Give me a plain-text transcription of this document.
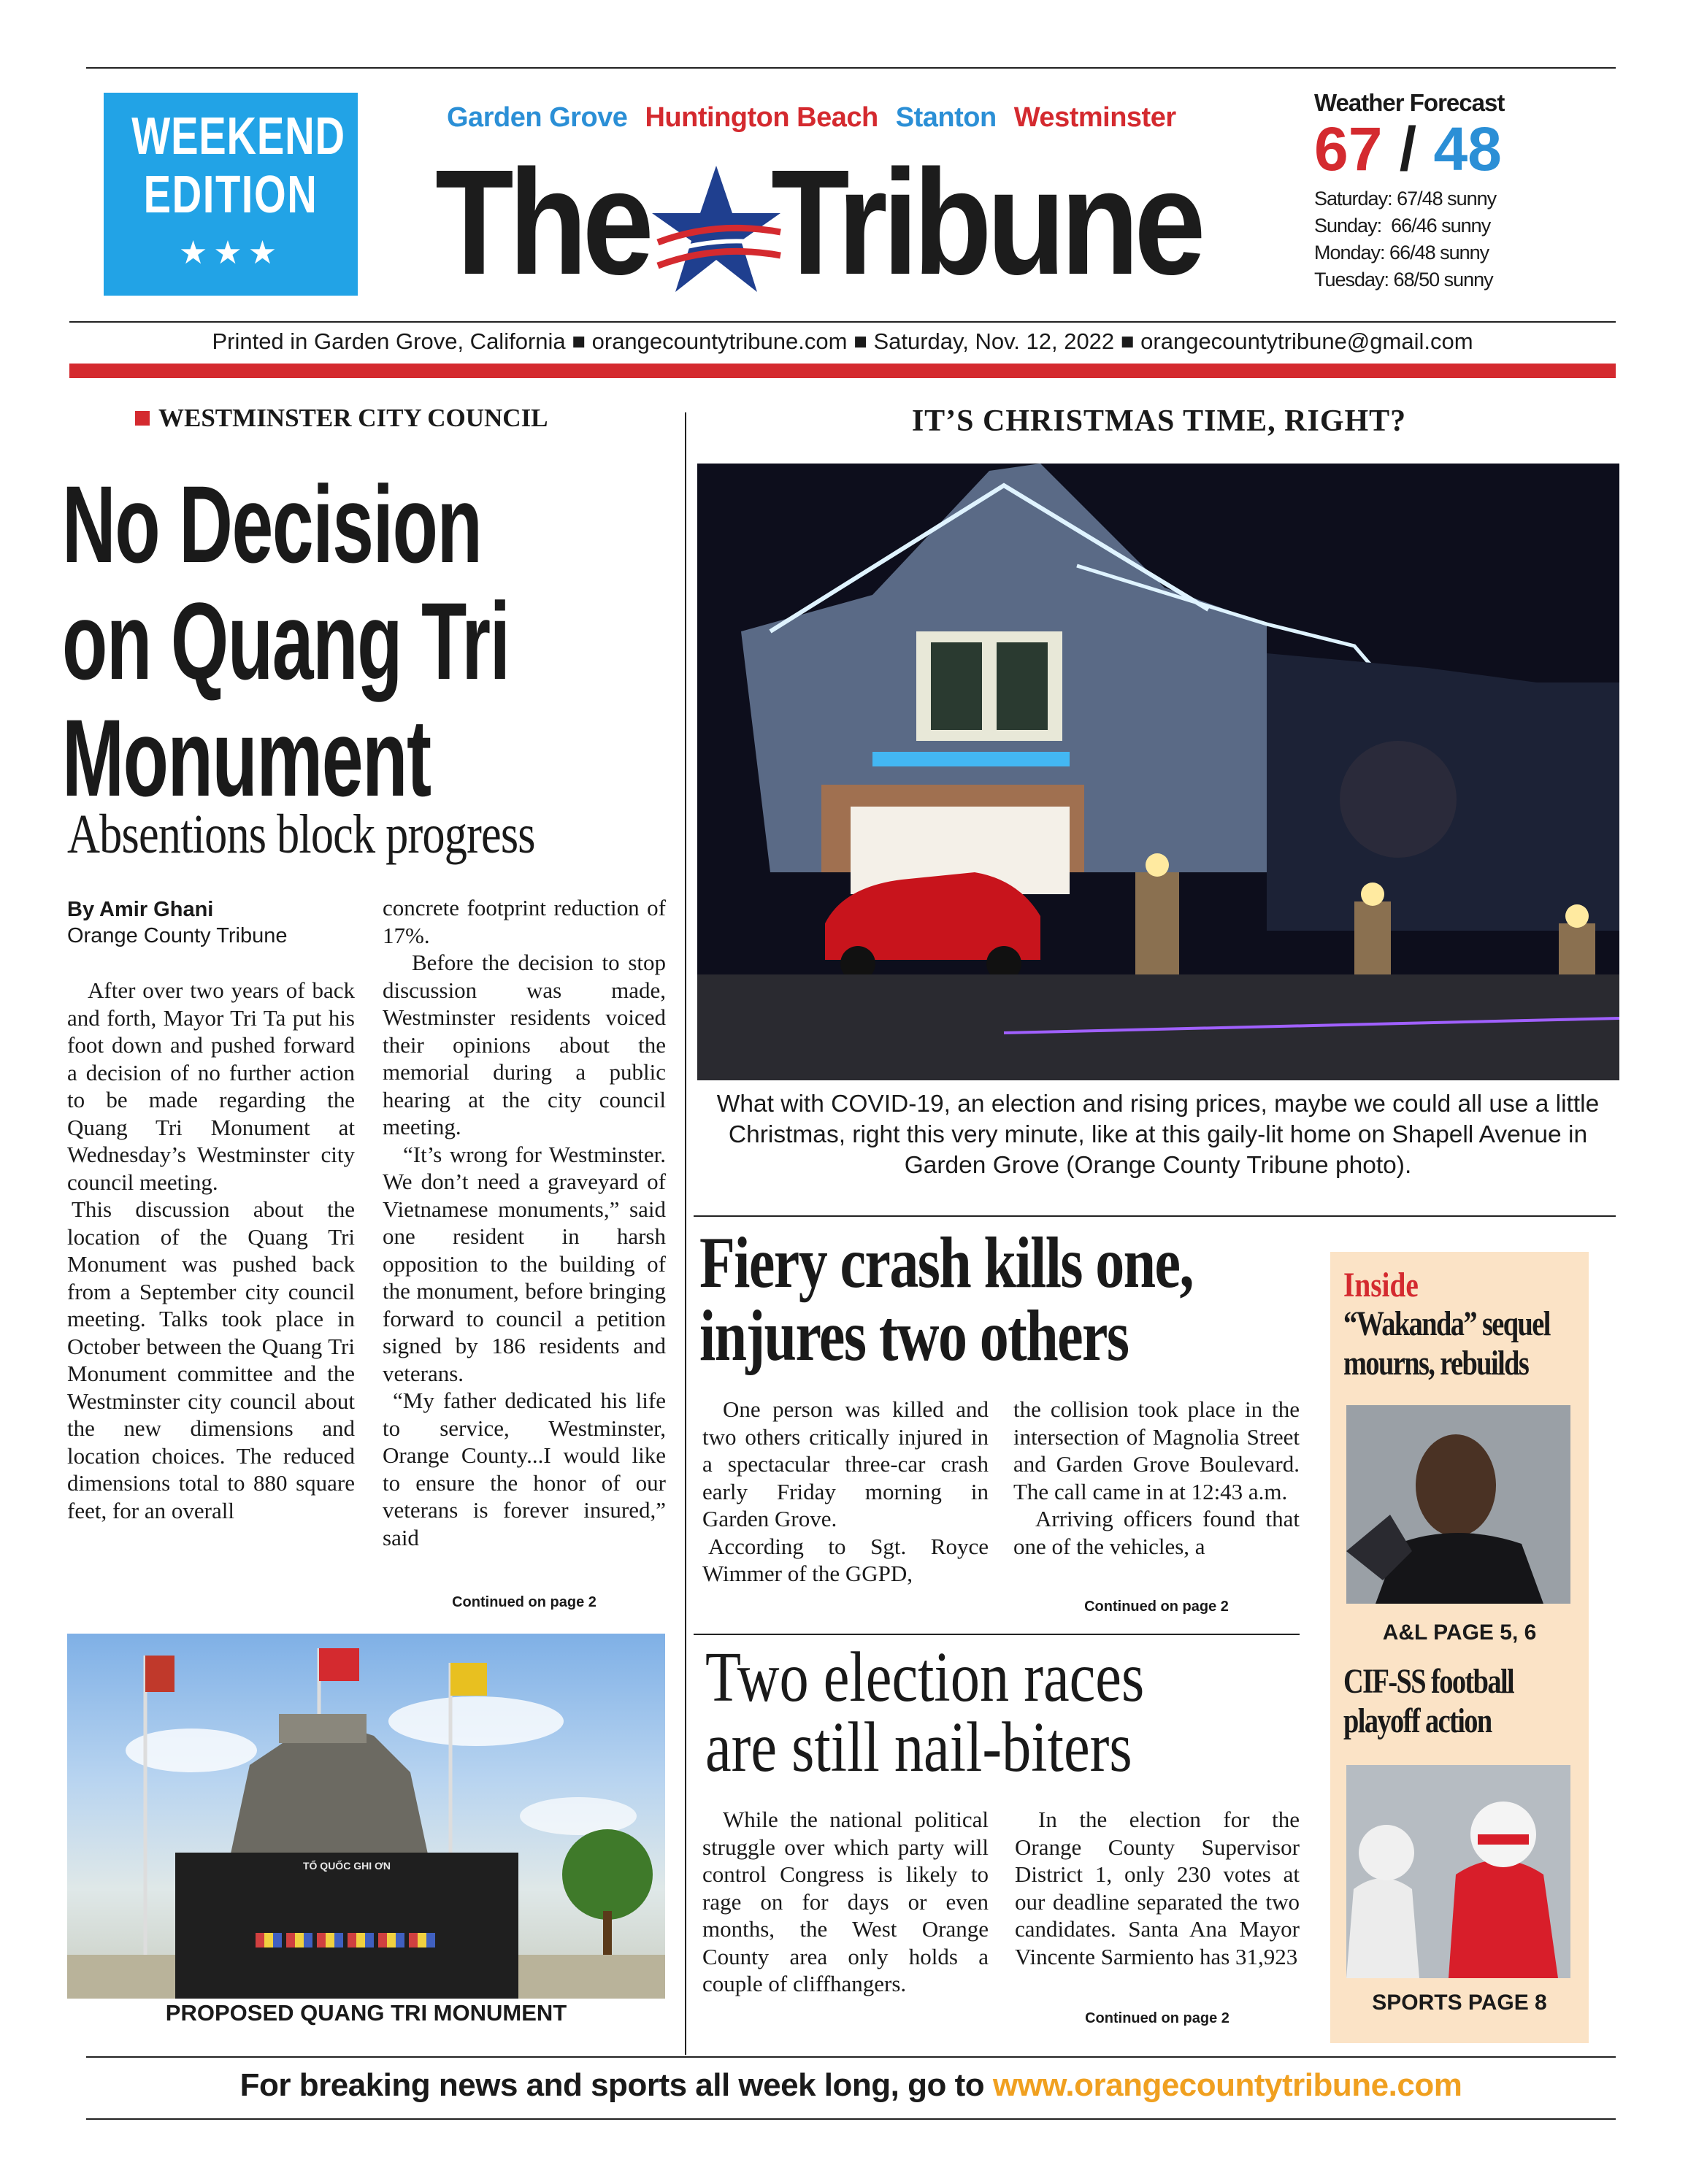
WEEKEND
EDITION
★★★
Garden Grove Huntington Beach Stanton Westminster
The Tribune
Weather Forecast
67 / 48
Saturday: 67/48 sunny
Sunday:  66/46 sunny
Monday: 66/48 sunny
Tuesday: 68/50 sunny
Printed in Garden Grove, California ■ orangecountytribune.com ■ Saturday, Nov. 12, 2022 ■ orangecountytribune@gmail.com
WESTMINSTER CITY COUNCIL
No Decision
on Quang Tri
Monument
Absentions block progress
By Amir Ghani
Orange County Tribune

After over two years of back and forth, Mayor Tri Ta put his foot down and pushed forward a decision of no further action to be made regarding the Quang Tri Monument at Wednesday’s Westminster city council meeting.

This discussion about the location of the Quang Tri Monument was pushed back from a September city council meeting. Talks took place in October between the Quang Tri Monument committee and the Westminster city council about the new dimensions and location choices. The reduced dimensions total to 880 square feet, for an overall

concrete footprint reduction of 17%.

Before the decision to stop discussion was made, Westminster residents voiced their opinions about the memorial during a public hearing at the city council meeting.

“It’s wrong for Westminster. We don’t need a graveyard of Vietnamese monuments,” said one resident in harsh opposition to the building of the monument, before bringing forward to council a petition signed by 186 residents and veterans.

“My father dedicated his life to service, Westminster, Orange County...I would like to ensure the honor of our veterans is forever insured,” said

Continued on page 2
TỔ QUỐC GHI ƠN
PROPOSED QUANG TRI MONUMENT
IT’S CHRISTMAS TIME, RIGHT?
What with COVID-19, an election and rising prices, maybe we could all use a little Christmas, right this very minute, like at this gaily-lit home on Shapell Avenue in Garden Grove (Orange County Tribune photo).
Fiery crash kills one,
injures two others

One person was killed and two others critically injured in a spectacular three-car crash early Friday morning in Garden Grove.

According to Sgt. Royce Wimmer of the GGPD,

the collision took place in the intersection of Magnolia Street and Garden Grove Boulevard. The call came in at 12:43 a.m.

Arriving officers found that one of the vehicles, a

Continued on page 2
Two election races
are still nail-biters

While the national political struggle over which party will control Congress is likely to rage on for days or even months, the West Orange County area only holds a couple of cliffhangers.

In the election for the Orange County Supervisor District 1, only 230 votes at our deadline separated the two candidates. Santa Ana Mayor Vincente Sarmiento has 31,923

Continued on page 2
Inside
“Wakanda” sequel mourns, rebuilds
A&L PAGE 5, 6
CIF-SS football playoff action
SPORTS PAGE 8
For breaking news and sports all week long, go to www.orangecountytribune.com
